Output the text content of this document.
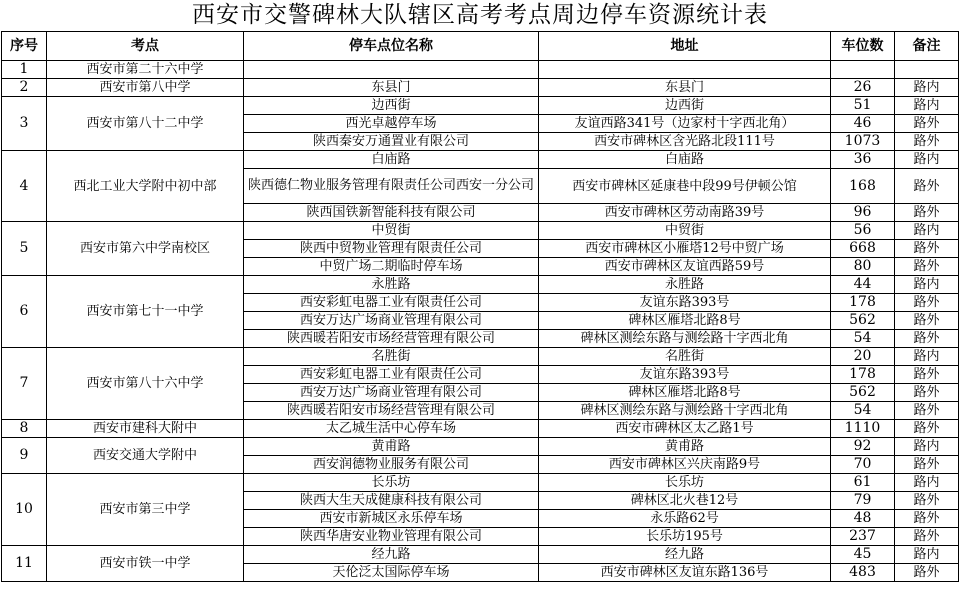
西安市交警碑林大队辖区高考考点周边停车资源统计表
序号	考点	停车点位名称	地址	车位数	备注
1	西安市第二十六中学				
2	西安市第八中学	东县门	东县门	26	路内
3	西安市第八十二中学	边西街	边西街	51	路内
		西光卓越停车场	友谊西路341号（边家村十字西北角）	46	路外
		陕西秦安万通置业有限公司	西安市碑林区含光路北段111号	1073	路外
4	西北工业大学附中初中部	白庙路	白庙路	36	路内
		陕西德仁物业服务管理有限责任公司西安一分公司	西安市碑林区延康巷中段99号伊顿公馆	168	路外
		陕西国铁新智能科技有限公司	西安市碑林区劳动南路39号	96	路外
5	西安市第六中学南校区	中贸街	中贸街	56	路内
		陕西中贸物业管理有限责任公司	西安市碑林区小雁塔12号中贸广场	668	路外
		中贸广场二期临时停车场	西安市碑林区友谊西路59号	80	路外
6	西安市第七十一中学	永胜路	永胜路	44	路内
		西安彩虹电器工业有限责任公司	友谊东路393号	178	路外
		西安万达广场商业管理有限公司	碑林区雁塔北路8号	562	路外
		陕西暖若阳安市场经营管理有限公司	碑林区测绘东路与测绘路十字西北角	54	路外
7	西安市第八十六中学	名胜街	名胜街	20	路内
		西安彩虹电器工业有限责任公司	友谊东路393号	178	路外
		西安万达广场商业管理有限公司	碑林区雁塔北路8号	562	路外
		陕西暖若阳安市场经营管理有限公司	碑林区测绘东路与测绘路十字西北角	54	路外
8	西安市建科大附中	太乙城生活中心停车场	西安市碑林区太乙路1号	1110	路外
9	西安交通大学附中	黄甫路	黄甫路	92	路内
		西安润德物业服务有限公司	西安市碑林区兴庆南路9号	70	路外
10	西安市第三中学	长乐坊	长乐坊	61	路内
		陕西大生天成健康科技有限公司	碑林区北火巷12号	79	路外
		西安市新城区永乐停车场	永乐路62号	48	路外
		陕西华唐安业物业管理有限公司	长乐坊195号	237	路外
11	西安市铁一中学	经九路	经九路	45	路内
		天伦泛太国际停车场	西安市碑林区友谊东路136号	483	路外
